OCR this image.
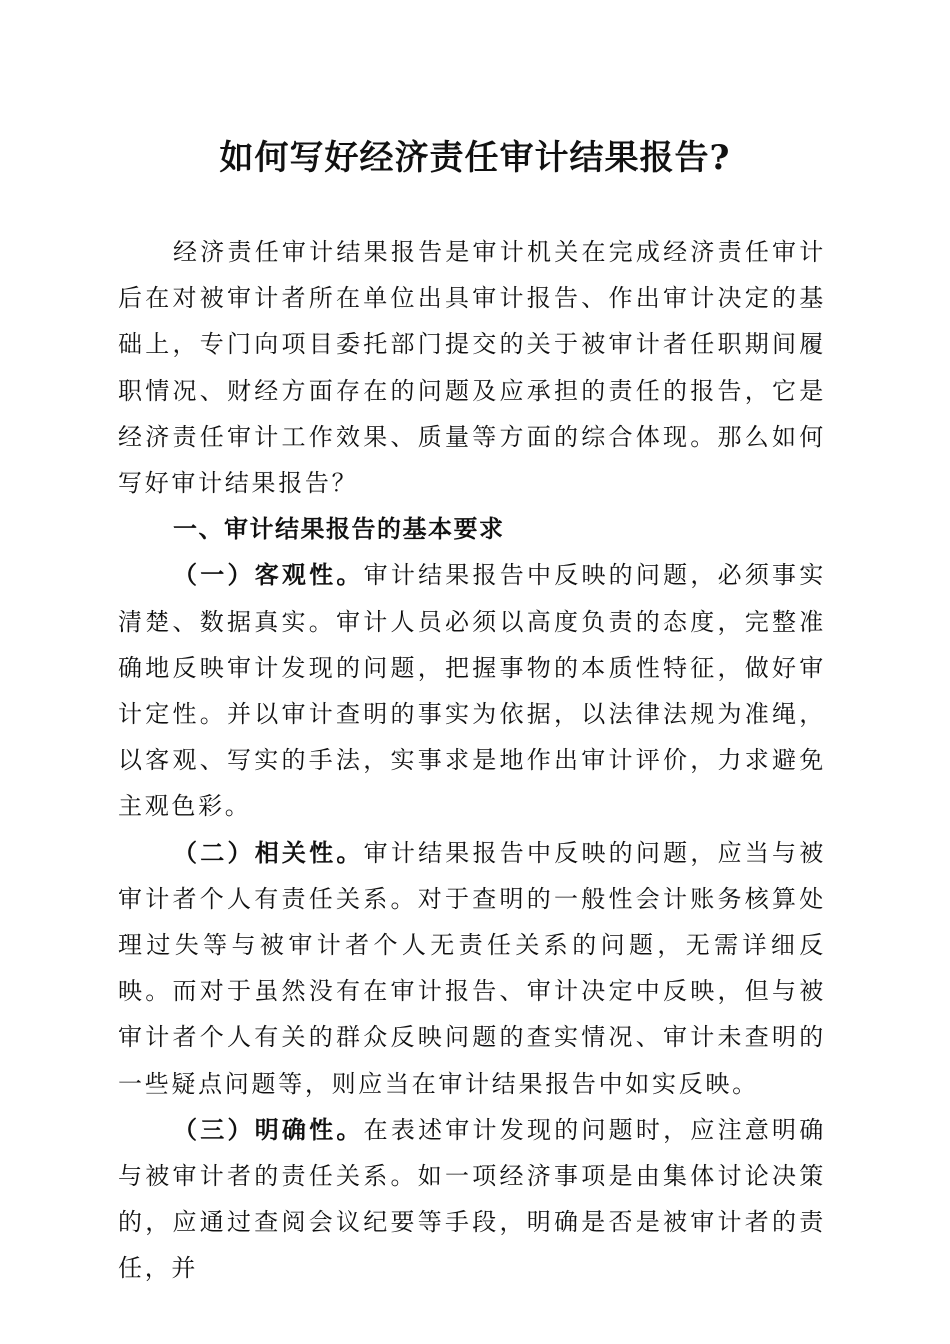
如何写好经济责任审计结果报告?

经济责任审计结果报告是审计机关在完成经济责任审计后在对被审计者所在单位出具审计报告、作出审计决定的基础上，专门向项目委托部门提交的关于被审计者任职期间履职情况、财经方面存在的问题及应承担的责任的报告，它是经济责任审计工作效果、质量等方面的综合体现。那么如何写好审计结果报告？

一、审计结果报告的基本要求

（一）客观性。审计结果报告中反映的问题，必须事实清楚、数据真实。审计人员必须以高度负责的态度，完整准确地反映审计发现的问题，把握事物的本质性特征，做好审计定性。并以审计查明的事实为依据，以法律法规为准绳，以客观、写实的手法，实事求是地作出审计评价，力求避免主观色彩。

（二）相关性。审计结果报告中反映的问题，应当与被审计者个人有责任关系。对于查明的一般性会计账务核算处理过失等与被审计者个人无责任关系的问题，无需详细反映。而对于虽然没有在审计报告、审计决定中反映，但与被审计者个人有关的群众反映问题的查实情况、审计未查明的一些疑点问题等，则应当在审计结果报告中如实反映。

（三）明确性。在表述审计发现的问题时，应注意明确与被审计者的责任关系。如一项经济事项是由集体讨论决策的，应通过查阅会议纪要等手段，明确是否是被审计者的责任，并
